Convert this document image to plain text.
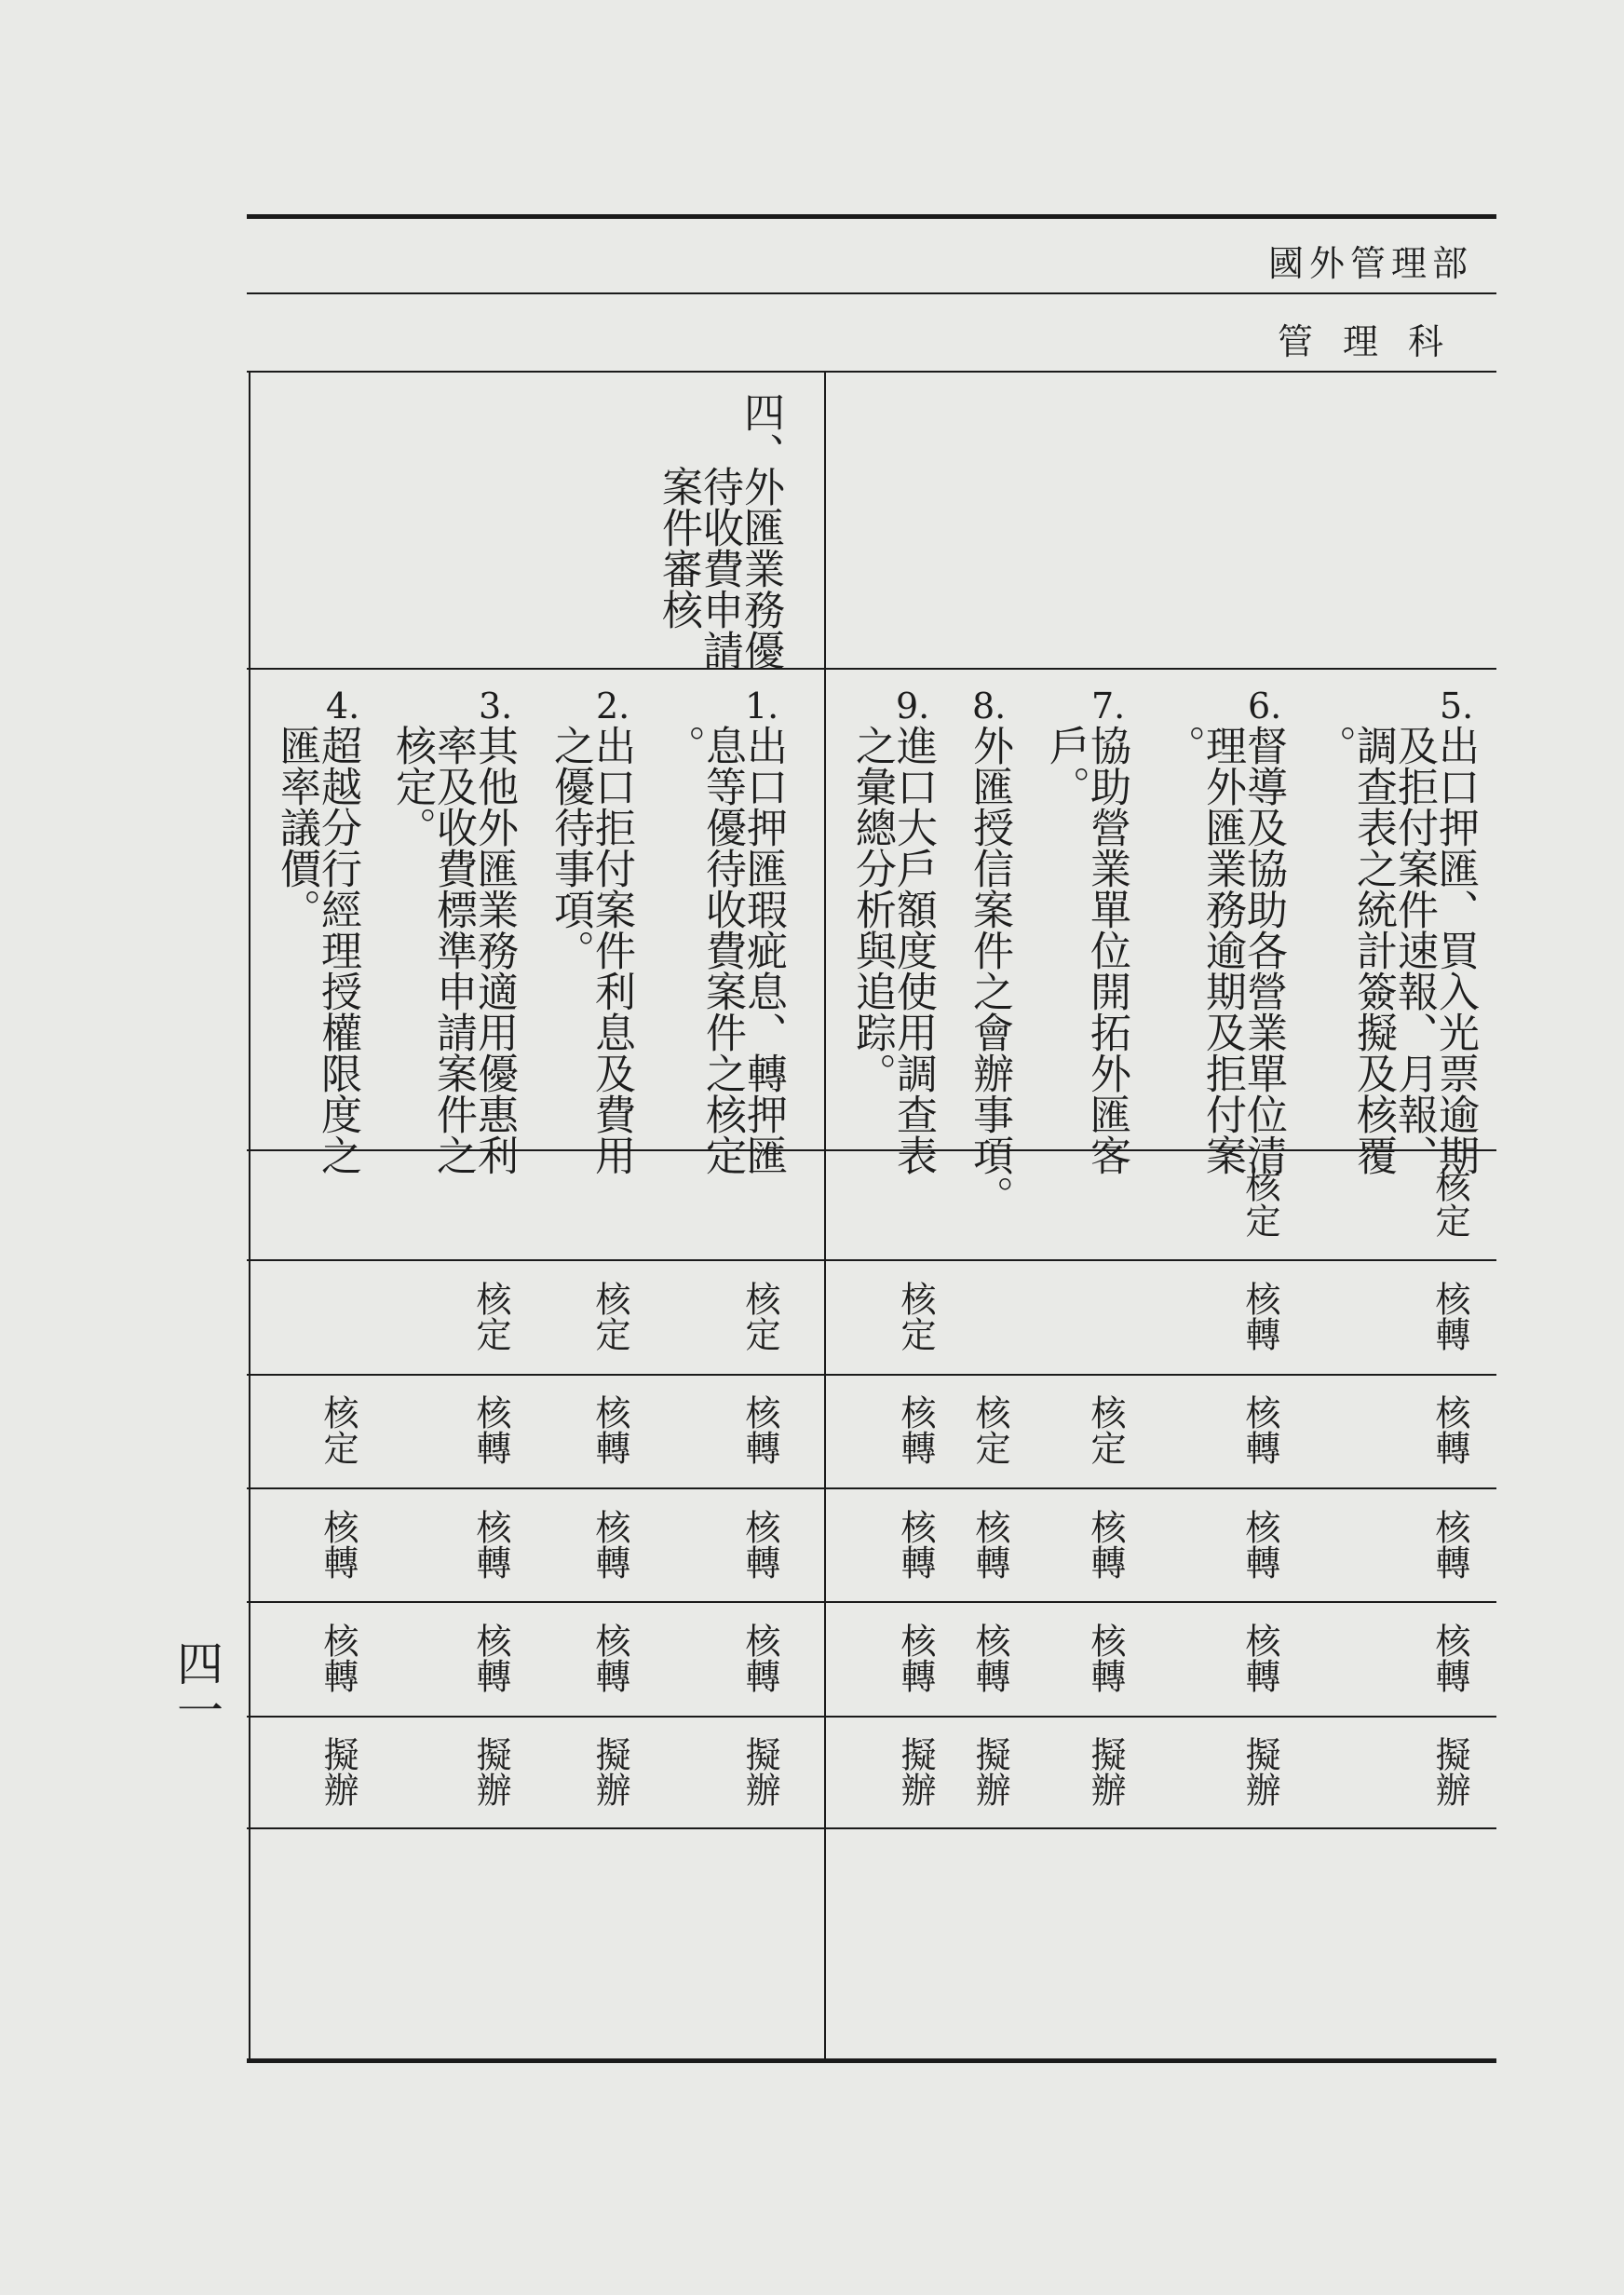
國外管理部
管理科
四、
外匯業務優
待收費申請
案件審核
1.
出口押匯瑕疵息、轉押匯
息等優待收費案件之核定
。
2.
出口拒付案件利息及費用
之優待事項。
3.
其他外匯業務適用優惠利
率及收費標準申請案件之
核定。
4.
超越分行經理授權限度之
匯率議價。
5.
出口押匯、買入光票逾期
及拒付案件速報、月報、
調查表之統計簽擬及核覆
。
6.
督導及協助各營業單位清
理外匯業務逾期及拒付案
。
7.
協助營業單位開拓外匯客
戶。
8.
外匯授信案件之會辦事項。
9.
進口大戶額度使用調查表
之彙總分析與追踪。
核定
核定
核轉
核轉
核定
核定
核定
核定
核轉
核轉
核定
核定
核轉
核轉
核轉
核轉
核定
核轉
核轉
核轉
核轉
核轉
核轉
核轉
核轉
核轉
核轉
核轉
核轉
核轉
核轉
核轉
核轉
核轉
核轉
擬辦
擬辦
擬辦
擬辦
擬辦
擬辦
擬辦
擬辦
擬辦
四一
